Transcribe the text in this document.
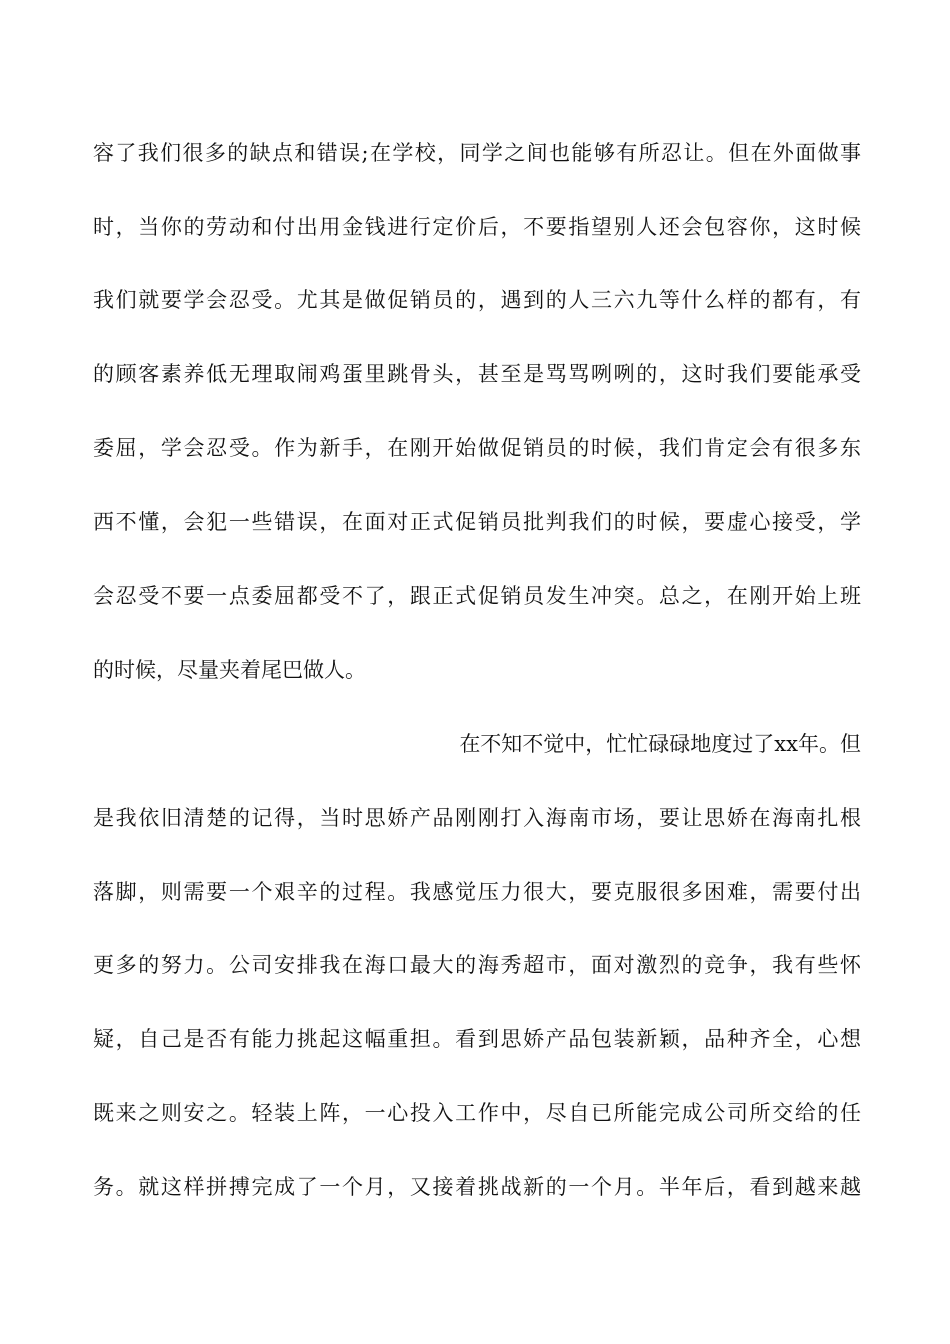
容了我们很多的缺点和错误;在学校，同学之间也能够有所忍让。但在外面做事
时，当你的劳动和付出用金钱进行定价后，不要指望别人还会包容你，这时候
我们就要学会忍受。尤其是做促销员的，遇到的人三六九等什么样的都有，有
的顾客素养低无理取闹鸡蛋里跳骨头，甚至是骂骂咧咧的，这时我们要能承受
委屈，学会忍受。作为新手，在刚开始做促销员的时候，我们肯定会有很多东
西不懂，会犯一些错误，在面对正式促销员批判我们的时候，要虚心接受，学
会忍受不要一点委屈都受不了，跟正式促销员发生冲突。总之，在刚开始上班
的时候，尽量夹着尾巴做人。
在不知不觉中，忙忙碌碌地度过了xx年。但
是我依旧清楚的记得，当时思娇产品刚刚打入海南市场，要让思娇在海南扎根
落脚，则需要一个艰辛的过程。我感觉压力很大，要克服很多困难，需要付出
更多的努力。公司安排我在海口最大的海秀超市，面对激烈的竞争，我有些怀
疑，自己是否有能力挑起这幅重担。看到思娇产品包装新颖，品种齐全，心想
既来之则安之。轻装上阵，一心投入工作中，尽自已所能完成公司所交给的任
务。就这样拼搏完成了一个月，又接着挑战新的一个月。半年后，看到越来越
